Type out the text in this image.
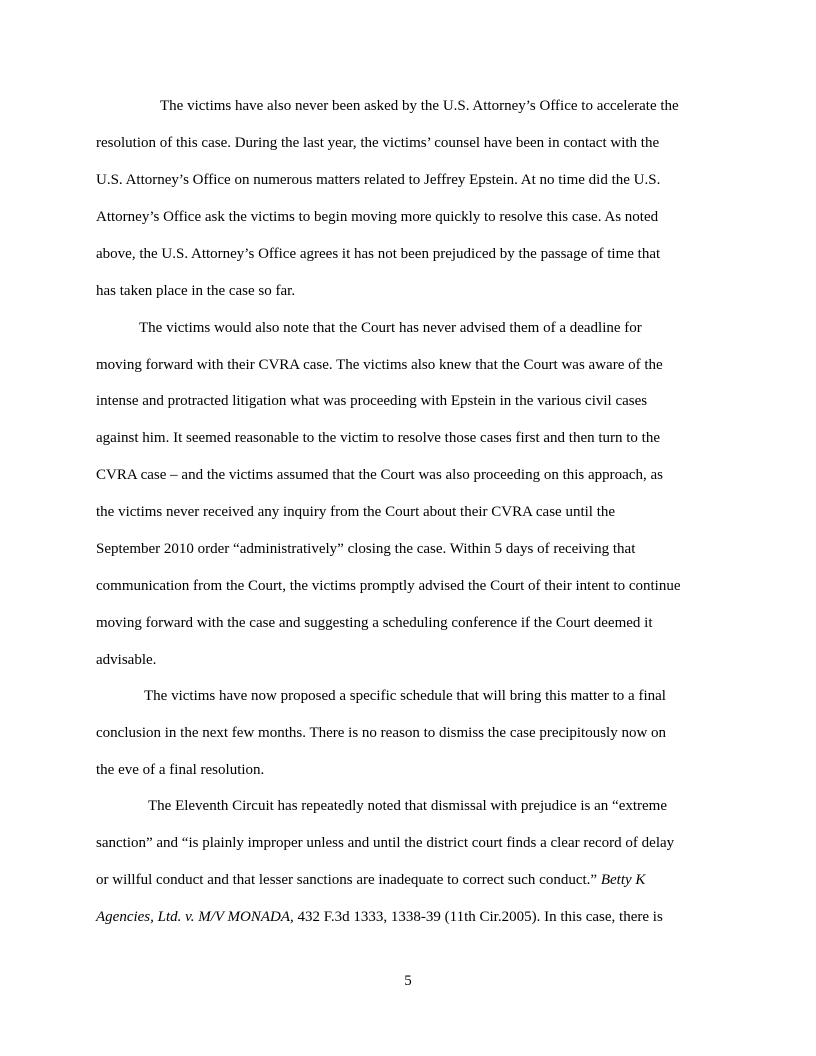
The victims have also never been asked by the U.S. Attorney’s Office to accelerate the
resolution of this case. During the last year, the victims’ counsel have been in contact with the
U.S. Attorney’s Office on numerous matters related to Jeffrey Epstein. At no time did the U.S.
Attorney’s Office ask the victims to begin moving more quickly to resolve this case. As noted
above, the U.S. Attorney’s Office agrees it has not been prejudiced by the passage of time that
has taken place in the case so far.
The victims would also note that the Court has never advised them of a deadline for
moving forward with their CVRA case. The victims also knew that the Court was aware of the
intense and protracted litigation what was proceeding with Epstein in the various civil cases
against him. It seemed reasonable to the victim to resolve those cases first and then turn to the
CVRA case – and the victims assumed that the Court was also proceeding on this approach, as
the victims never received any inquiry from the Court about their CVRA case until the
September 2010 order “administratively” closing the case. Within 5 days of receiving that
communication from the Court, the victims promptly advised the Court of their intent to continue
moving forward with the case and suggesting a scheduling conference if the Court deemed it
advisable.
The victims have now proposed a specific schedule that will bring this matter to a final
conclusion in the next few months. There is no reason to dismiss the case precipitously now on
the eve of a final resolution.
The Eleventh Circuit has repeatedly noted that dismissal with prejudice is an “extreme
sanction” and “is plainly improper unless and until the district court finds a clear record of delay
or willful conduct and that lesser sanctions are inadequate to correct such conduct.” Betty K
Agencies, Ltd. v. M/V MONADA, 432 F.3d 1333, 1338-39 (11th Cir.2005). In this case, there is
5
